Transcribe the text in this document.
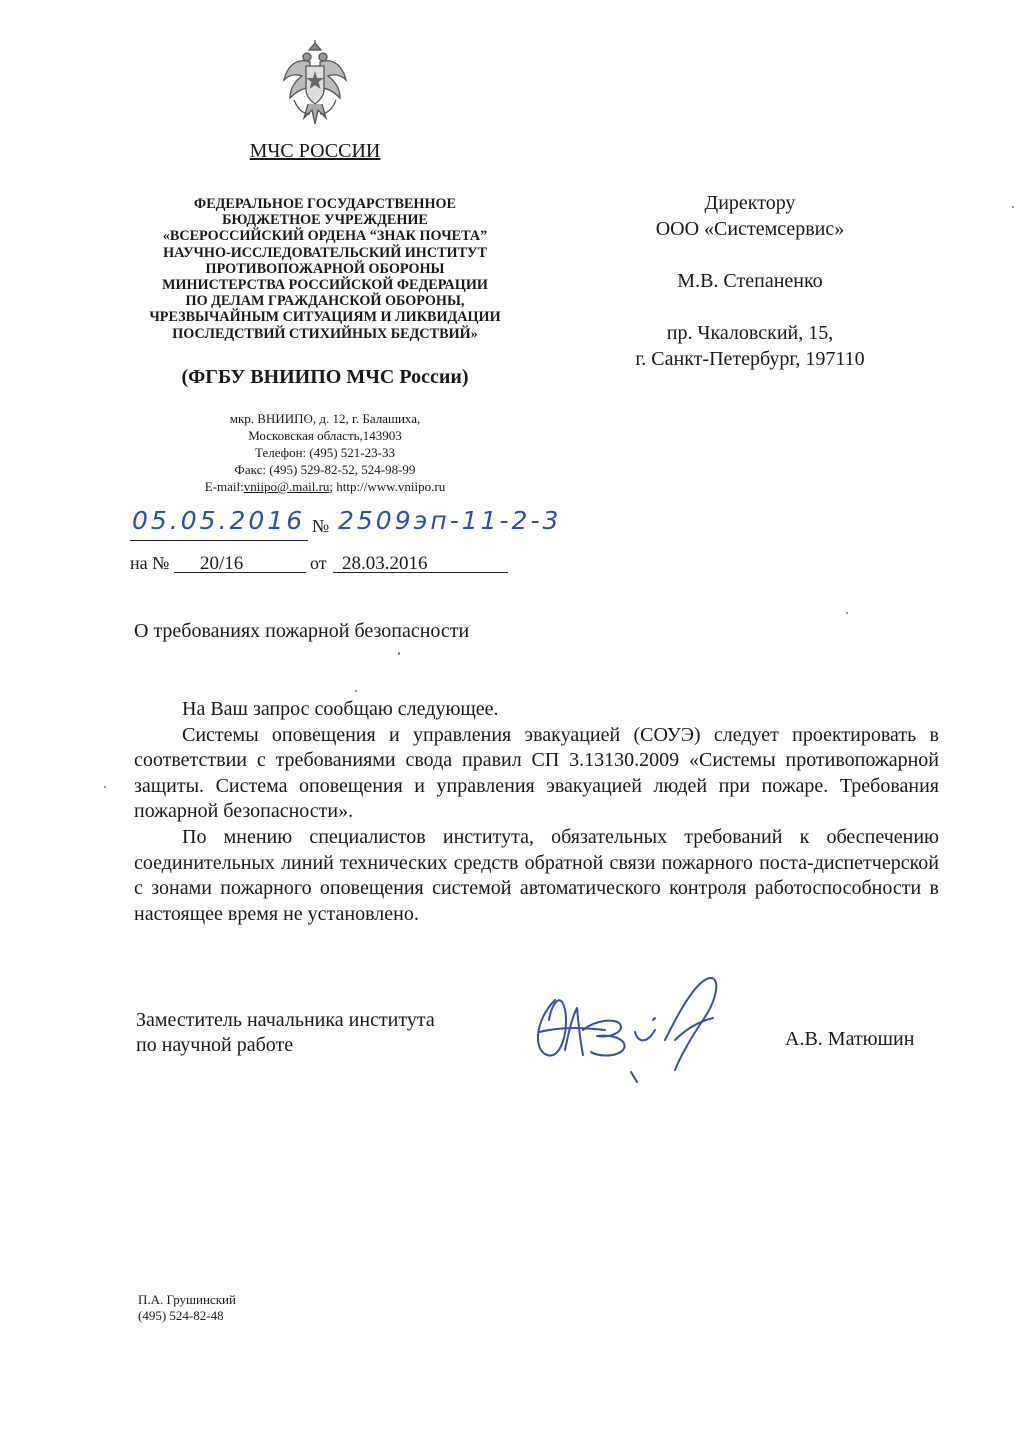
МЧС РОССИИ
ФЕДЕРАЛЬНОЕ ГОСУДАРСТВЕННОЕ
БЮДЖЕТНОЕ УЧРЕЖДЕНИЕ
«ВСЕРОССИЙСКИЙ ОРДЕНА “ЗНАК ПОЧЕТА”
НАУЧНО-ИССЛЕДОВАТЕЛЬСКИЙ ИНСТИТУТ
ПРОТИВОПОЖАРНОЙ ОБОРОНЫ
МИНИСТЕРСТВА РОССИЙСКОЙ ФЕДЕРАЦИИ
ПО ДЕЛАМ ГРАЖДАНСКОЙ ОБОРОНЫ,
ЧРЕЗВЫЧАЙНЫМ СИТУАЦИЯМ И ЛИКВИДАЦИИ
ПОСЛЕДСТВИЙ СТИХИЙНЫХ БЕДСТВИЙ»
(ФГБУ ВНИИПО МЧС России)
мкр. ВНИИПО, д. 12, г. Балашиха,
Московская область,143903
Телефон: (495) 521-23-33
Факс: (495) 529-82-52, 524-98-99
E-mail:vniipo@.mail.ru; http://www.vniipo.ru
Директору
ООО «Системсервис»
М.В. Степаненко
пр. Чкаловский, 15,
г. Санкт-Петербург, 197110
05.05.2016 № 2509эп-11-2-3
на № 20/16	от 28.03.2016
О требованиях пожарной безопасности

На Ваш запрос сообщаю следующее.

Системы оповещения и управления эвакуацией (СОУЭ) следует проектировать в соответствии с требованиями свода правил СП 3.13130.2009 «Системы противопожарной защиты. Система оповещения и управления эвакуацией людей при пожаре. Требования пожарной безопасности».

По мнению специалистов института, обязательных требований к обеспечению соединительных линий технических средств обратной связи пожарного поста-диспетчерской с зонами пожарного оповещения системой автоматического контроля работоспособности в настоящее время не установлено.

Заместитель начальника института
по научной работе	А.В. Матюшин
П.А. Грушинский
(495) 524-82-48
